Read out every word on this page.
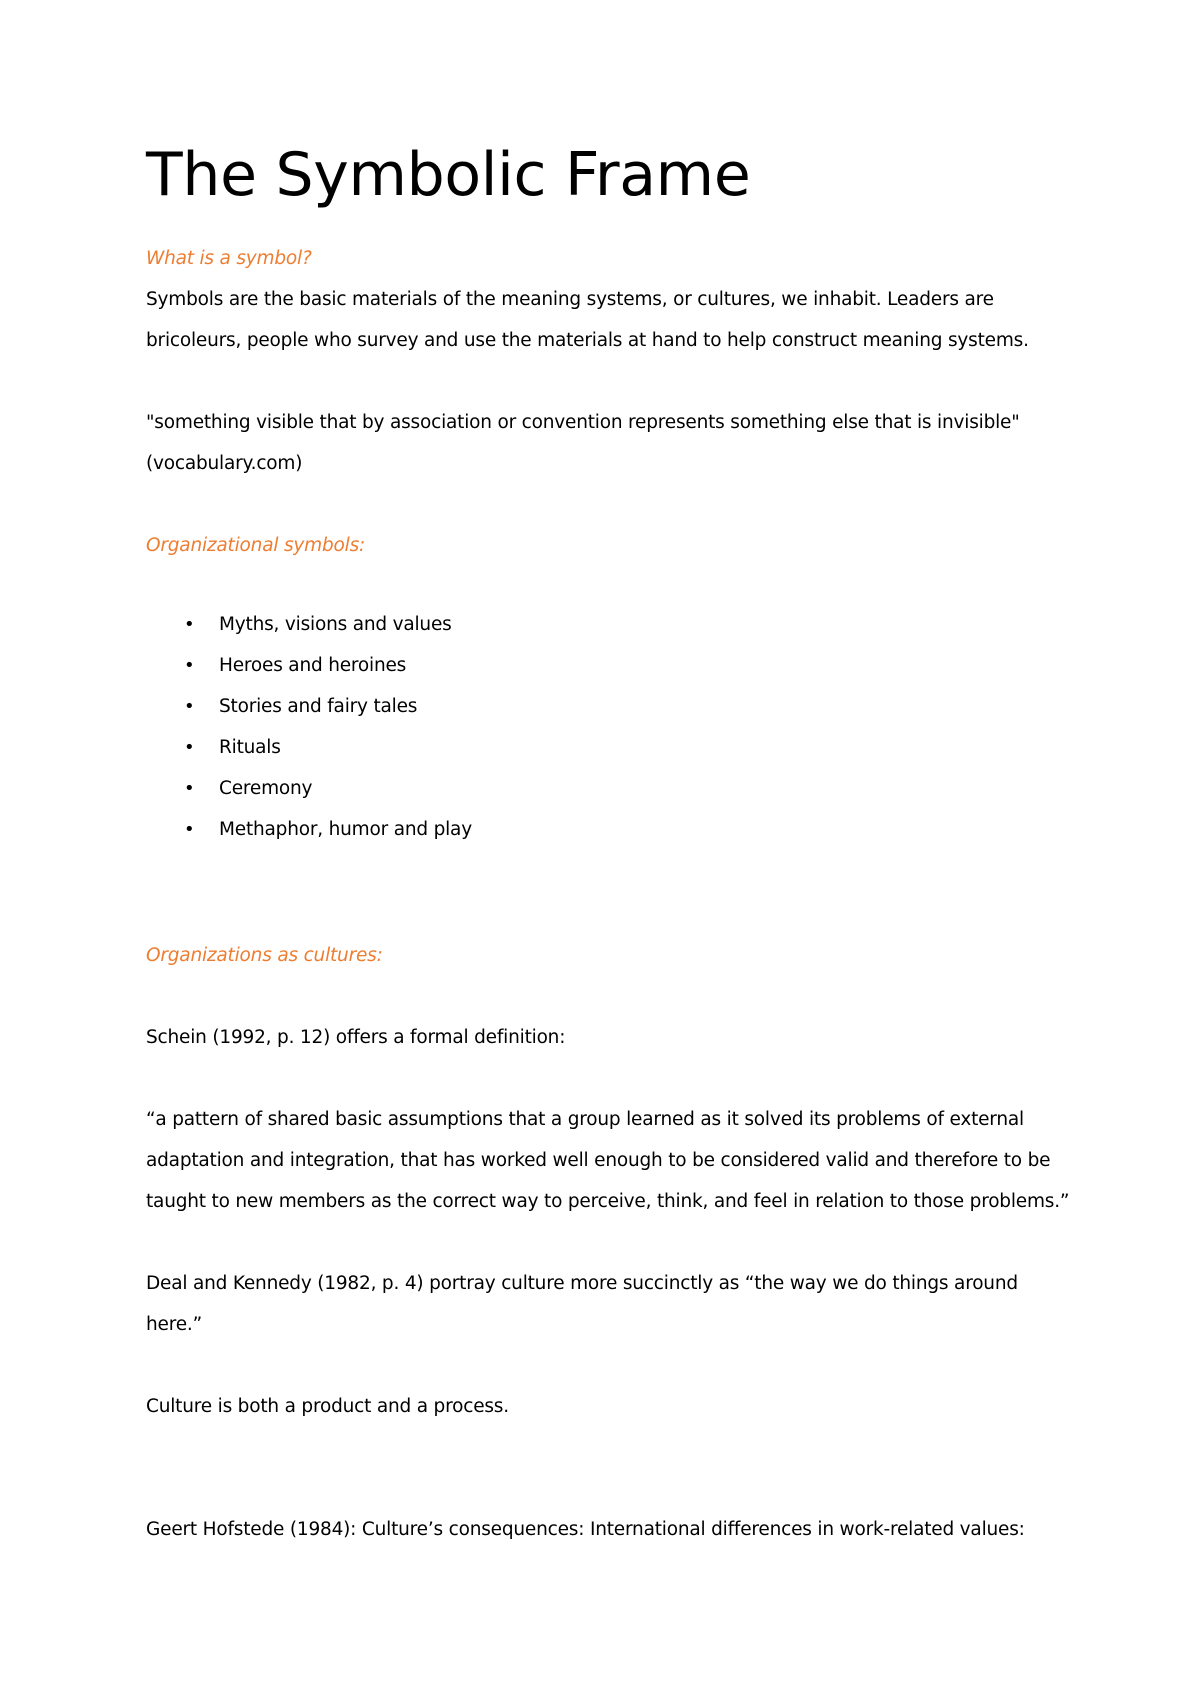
The Symbolic Frame

What is a symbol?

Symbols are the basic materials of the meaning systems, or cultures, we inhabit. Leaders are

bricoleurs, people who survey and use the materials at hand to help construct meaning systems.

"something visible that by association or convention represents something else that is invisible"

(vocabulary.com)

Organizational symbols:

• Myths, visions and values
• Heroes and heroines
• Stories and fairy tales
• Rituals
• Ceremony
• Methaphor, humor and play

Organizations as cultures:

Schein (1992, p. 12) offers a formal definition:

“a pattern of shared basic assumptions that a group learned as it solved its problems of external

adaptation and integration, that has worked well enough to be considered valid and therefore to be

taught to new members as the correct way to perceive, think, and feel in relation to those problems.”

Deal and Kennedy (1982, p. 4) portray culture more succinctly as “the way we do things around

here.”

Culture is both a product and a process.

Geert Hofstede (1984): Culture’s consequences: International differences in work-related values:
